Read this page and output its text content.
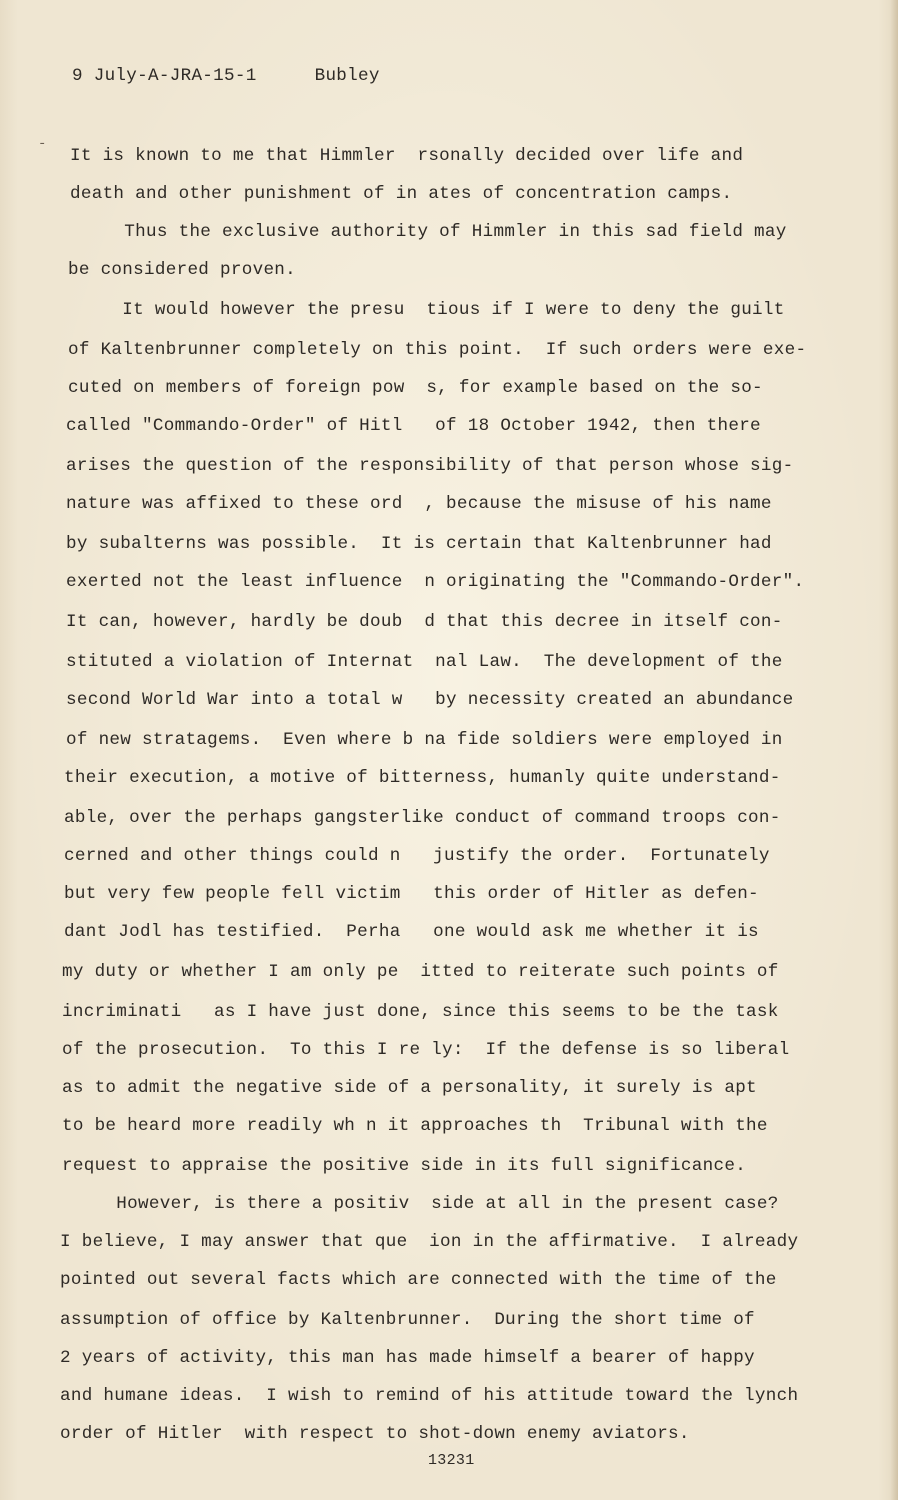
9 July-A-JRA-15-1	Bubley
-
It is known to me that Himmler  rsonally decided over life and
death and other punishment of in ates of concentration camps.
Thus the exclusive authority of Himmler in this sad field may
be considered proven.
It would however the presu  tious if I were to deny the guilt
of Kaltenbrunner completely on this point.  If such orders were exe-
cuted on members of foreign pow  s, for example based on the so-
called "Commando-Order" of Hitl   of 18 October 1942, then there
arises the question of the responsibility of that person whose sig-
nature was affixed to these ord  , because the misuse of his name
by subalterns was possible.  It is certain that Kaltenbrunner had
exerted not the least influence  n originating the "Commando-Order".
It can, however, hardly be doub  d that this decree in itself con-
stituted a violation of Internat  nal Law.  The development of the
second World War into a total w   by necessity created an abundance
of new stratagems.  Even where b na fide soldiers were employed in
their execution, a motive of bitterness, humanly quite understand-
able, over the perhaps gangsterlike conduct of command troops con-
cerned and other things could n   justify the order.  Fortunately
but very few people fell victim   this order of Hitler as defen-
dant Jodl has testified.  Perha   one would ask me whether it is
my duty or whether I am only pe  itted to reiterate such points of
incriminati   as I have just done, since this seems to be the task
of the prosecution.  To this I re ly:  If the defense is so liberal
as to admit the negative side of a personality, it surely is apt
to be heard more readily wh n it approaches th  Tribunal with the
request to appraise the positive side in its full significance.
However, is there a positiv  side at all in the present case?
I believe, I may answer that que  ion in the affirmative.  I already
pointed out several facts which are connected with the time of the
assumption of office by Kaltenbrunner.  During the short time of
2 years of activity, this man has made himself a bearer of happy
and humane ideas.  I wish to remind of his attitude toward the lynch
order of Hitler  with respect to shot-down enemy aviators.
13231
